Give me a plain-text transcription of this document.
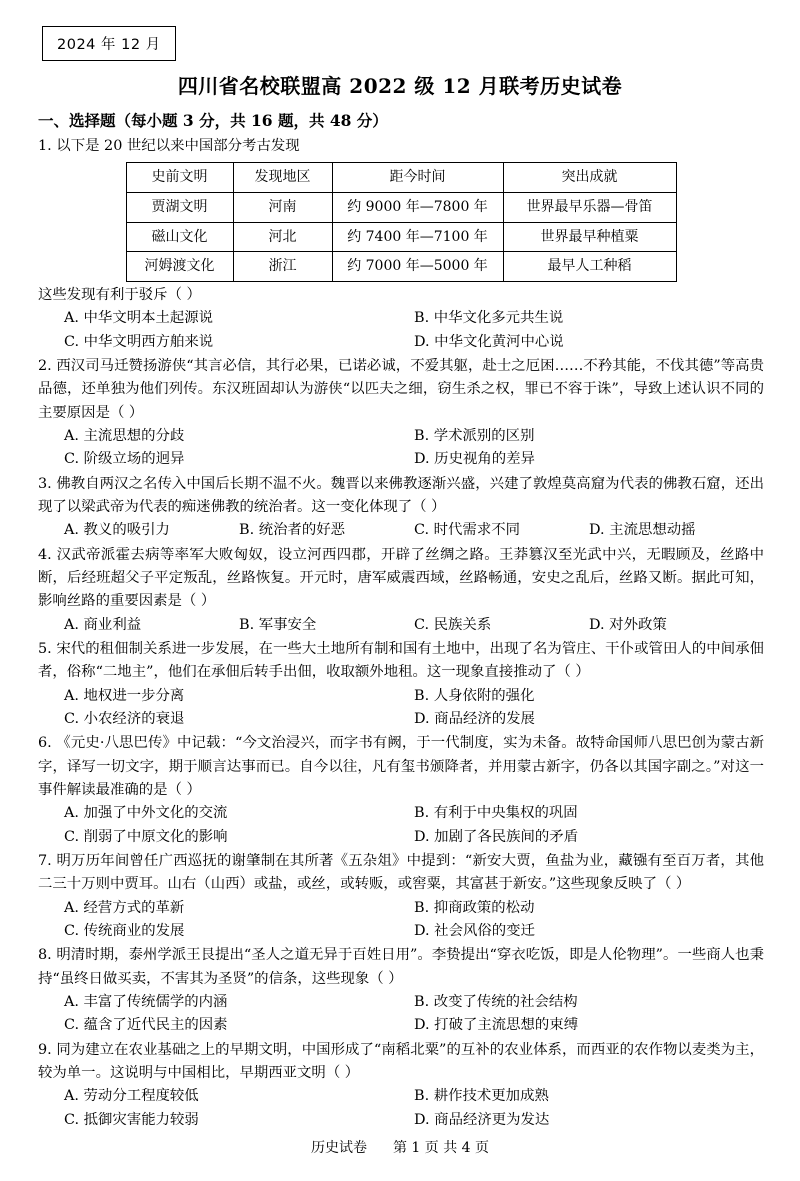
2024 年 12 月
四川省名校联盟高 2022 级 12 月联考历史试卷
一、选择题（每小题 3 分，共 16 题，共 48 分）
1. 以下是 20 世纪以来中国部分考古发现
史前文明	发现地区	距今时间	突出成就
贾湖文明	河南	约 9000 年—7800 年	世界最早乐器—骨笛
磁山文化	河北	约 7400 年—7100 年	世界最早种植粟
河姆渡文化	浙江	约 7000 年—5000 年	最早人工种稻
这些发现有利于驳斥（ ）
A. 中华文明本土起源说	B. 中华文化多元共生说
C. 中华文明西方舶来说	D. 中华文化黄河中心说
2. 西汉司马迁赞扬游侠“其言必信，其行必果，已诺必诚，不爱其躯，赴士之厄困……不矜其能，不伐其德”等高贵品德，还单独为他们列传。东汉班固却认为游侠“以匹夫之细，窃生杀之权，罪已不容于诛”，导致上述认识不同的主要原因是（ ）
A. 主流思想的分歧	B. 学术派别的区别
C. 阶级立场的迥异	D. 历史视角的差异
3. 佛教自两汉之名传入中国后长期不温不火。魏晋以来佛教逐渐兴盛，兴建了敦煌莫高窟为代表的佛教石窟，还出现了以梁武帝为代表的痴迷佛教的统治者。这一变化体现了（ ）
A. 教义的吸引力	B. 统治者的好恶	C. 时代需求不同	D. 主流思想动摇
4. 汉武帝派霍去病等率军大败匈奴，设立河西四郡，开辟了丝绸之路。王莽篡汉至光武中兴，无暇顾及，丝路中断，后经班超父子平定叛乱，丝路恢复。开元时，唐军威震西域，丝路畅通，安史之乱后，丝路又断。据此可知，影响丝路的重要因素是（ ）
A. 商业利益	B. 军事安全	C. 民族关系	D. 对外政策
5. 宋代的租佃制关系进一步发展，在一些大土地所有制和国有土地中，出现了名为管庄、干仆或管田人的中间承佃者，俗称“二地主”，他们在承佃后转手出佃，收取额外地租。这一现象直接推动了（ ）
A. 地权进一步分离	B. 人身依附的强化
C. 小农经济的衰退	D. 商品经济的发展
6. 《元史·八思巴传》中记载：“今文治浸兴，而字书有阙，于一代制度，实为未备。故特命国师八思巴创为蒙古新字，译写一切文字，期于顺言达事而已。自今以往，凡有玺书颁降者，并用蒙古新字，仍各以其国字副之。”对这一事件解读最准确的是（ ）
A. 加强了中外文化的交流	B. 有利于中央集权的巩固
C. 削弱了中原文化的影响	D. 加剧了各民族间的矛盾
7. 明万历年间曾任广西巡抚的谢肇制在其所著《五杂俎》中提到：“新安大贾，鱼盐为业，藏镪有至百万者，其他二三十万则中贾耳。山右（山西）或盐，或丝，或转贩，或窖粟，其富甚于新安。”这些现象反映了（ ）
A. 经营方式的革新	B. 抑商政策的松动
C. 传统商业的发展	D. 社会风俗的变迁
8. 明清时期，泰州学派王艮提出“圣人之道无异于百姓日用”。李贽提出“穿衣吃饭，即是人伦物理”。一些商人也秉持“虽终日做买卖，不害其为圣贤”的信条，这些现象（ ）
A. 丰富了传统儒学的内涵	B. 改变了传统的社会结构
C. 蕴含了近代民主的因素	D. 打破了主流思想的束缚
9. 同为建立在农业基础之上的早期文明，中国形成了“南稻北粟”的互补的农业体系，而西亚的农作物以麦类为主，较为单一。这说明与中国相比，早期西亚文明（ ）
A. 劳动分工程度较低	B. 耕作技术更加成熟
C. 抵御灾害能力较弱	D. 商品经济更为发达
历史试卷 第 1 页 共 4 页
